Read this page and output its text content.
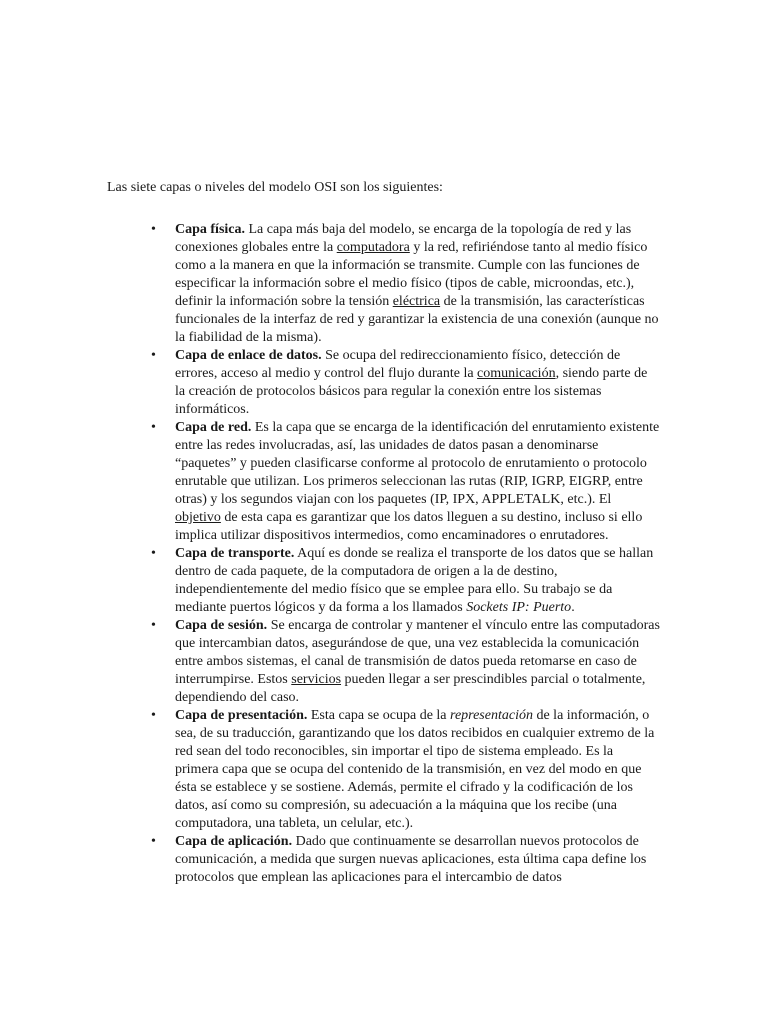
Las siete capas o niveles del modelo OSI son los siguientes:

• Capa física. La capa más baja del modelo, se encarga de la topología de red y las conexiones globales entre la computadora y la red, refiriéndose tanto al medio físico como a la manera en que la información se transmite. Cumple con las funciones de especificar la información sobre el medio físico (tipos de cable, microondas, etc.), definir la información sobre la tensión eléctrica de la transmisión, las características funcionales de la interfaz de red y garantizar la existencia de una conexión (aunque no la fiabilidad de la misma).
• Capa de enlace de datos. Se ocupa del redireccionamiento físico, detección de errores, acceso al medio y control del flujo durante la comunicación, siendo parte de la creación de protocolos básicos para regular la conexión entre los sistemas informáticos.
• Capa de red. Es la capa que se encarga de la identificación del enrutamiento existente entre las redes involucradas, así, las unidades de datos pasan a denominarse “paquetes” y pueden clasificarse conforme al protocolo de enrutamiento o protocolo enrutable que utilizan. Los primeros seleccionan las rutas (RIP, IGRP, EIGRP, entre otras) y los segundos viajan con los paquetes (IP, IPX, APPLETALK, etc.). El objetivo de esta capa es garantizar que los datos lleguen a su destino, incluso si ello implica utilizar dispositivos intermedios, como encaminadores o enrutadores.
• Capa de transporte. Aquí es donde se realiza el transporte de los datos que se hallan dentro de cada paquete, de la computadora de origen a la de destino, independientemente del medio físico que se emplee para ello. Su trabajo se da mediante puertos lógicos y da forma a los llamados Sockets IP: Puerto.
• Capa de sesión. Se encarga de controlar y mantener el vínculo entre las computadoras que intercambian datos, asegurándose de que, una vez establecida la comunicación entre ambos sistemas, el canal de transmisión de datos pueda retomarse en caso de interrumpirse. Estos servicios pueden llegar a ser prescindibles parcial o totalmente, dependiendo del caso.
• Capa de presentación. Esta capa se ocupa de la representación de la información, o sea, de su traducción, garantizando que los datos recibidos en cualquier extremo de la red sean del todo reconocibles, sin importar el tipo de sistema empleado. Es la primera capa que se ocupa del contenido de la transmisión, en vez del modo en que ésta se establece y se sostiene. Además, permite el cifrado y la codificación de los datos, así como su compresión, su adecuación a la máquina que los recibe (una computadora, una tableta, un celular, etc.).
• Capa de aplicación. Dado que continuamente se desarrollan nuevos protocolos de comunicación, a medida que surgen nuevas aplicaciones, esta última capa define los protocolos que emplean las aplicaciones para el intercambio de datos
